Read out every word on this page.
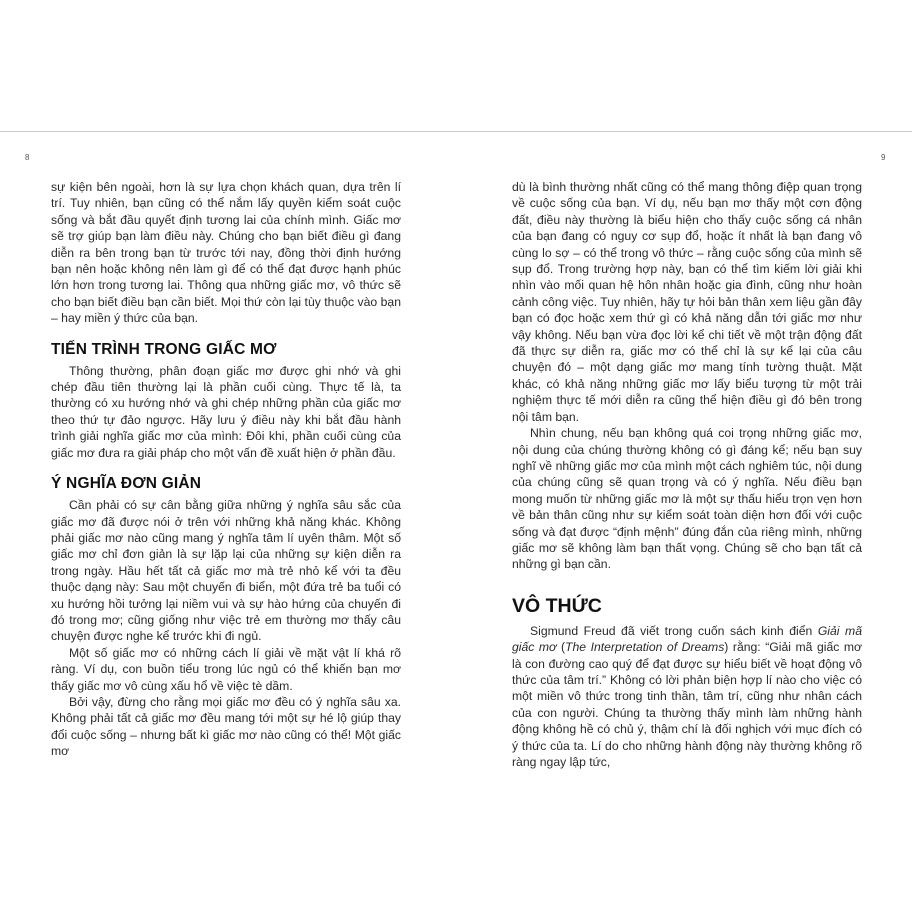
8	9

sự kiện bên ngoài, hơn là sự lựa chọn khách quan, dựa trên lí trí. Tuy nhiên, bạn cũng có thể nắm lấy quyền kiểm soát cuộc sống và bắt đầu quyết định tương lai của chính mình. Giấc mơ sẽ trợ giúp bạn làm điều này. Chúng cho bạn biết điều gì đang diễn ra bên trong bạn từ trước tới nay, đồng thời định hướng bạn nên hoặc không nên làm gì để có thể đạt được hạnh phúc lớn hơn trong tương lai. Thông qua những giấc mơ, vô thức sẽ cho bạn biết điều bạn cần biết. Mọi thứ còn lại tùy thuộc vào bạn – hay miền ý thức của bạn.

TIẾN TRÌNH TRONG GIẤC MƠ

Thông thường, phân đoạn giấc mơ được ghi nhớ và ghi chép đầu tiên thường lại là phần cuối cùng. Thực tế là, ta thường có xu hướng nhớ và ghi chép những phần của giấc mơ theo thứ tự đảo ngược. Hãy lưu ý điều này khi bắt đầu hành trình giải nghĩa giấc mơ của mình: Đôi khi, phần cuối cùng của giấc mơ đưa ra giải pháp cho một vấn đề xuất hiện ở phần đầu.

Ý NGHĨA ĐƠN GIẢN

Cần phải có sự cân bằng giữa những ý nghĩa sâu sắc của giấc mơ đã được nói ở trên với những khả năng khác. Không phải giấc mơ nào cũng mang ý nghĩa tâm lí uyên thâm. Một số giấc mơ chỉ đơn giản là sự lặp lại của những sự kiện diễn ra trong ngày. Hầu hết tất cả giấc mơ mà trẻ nhỏ kể với ta đều thuộc dạng này: Sau một chuyến đi biển, một đứa trẻ ba tuổi có xu hướng hồi tưởng lại niềm vui và sự hào hứng của chuyến đi đó trong mơ; cũng giống như việc trẻ em thường mơ thấy câu chuyện được nghe kể trước khi đi ngủ.

Một số giấc mơ có những cách lí giải về mặt vật lí khá rõ ràng. Ví dụ, con buồn tiểu trong lúc ngủ có thể khiến bạn mơ thấy giấc mơ vô cùng xấu hổ về việc tè dầm.

Bởi vậy, đừng cho rằng mọi giấc mơ đều có ý nghĩa sâu xa. Không phải tất cả giấc mơ đều mang tới một sự hé lộ giúp thay đổi cuộc sống – nhưng bất kì giấc mơ nào cũng có thể! Một giấc mơ

dù là bình thường nhất cũng có thể mang thông điệp quan trọng về cuộc sống của bạn. Ví dụ, nếu bạn mơ thấy một cơn động đất, điều này thường là biểu hiện cho thấy cuộc sống cá nhân của bạn đang có nguy cơ sụp đổ, hoặc ít nhất là bạn đang vô cùng lo sợ – có thể trong vô thức – rằng cuộc sống của mình sẽ sụp đổ. Trong trường hợp này, bạn có thể tìm kiếm lời giải khi nhìn vào mối quan hệ hôn nhân hoặc gia đình, cũng như hoàn cảnh công việc. Tuy nhiên, hãy tự hỏi bản thân xem liệu gần đây bạn có đọc hoặc xem thứ gì có khả năng dẫn tới giấc mơ như vậy không. Nếu bạn vừa đọc lời kể chi tiết về một trận động đất đã thực sự diễn ra, giấc mơ có thể chỉ là sự kể lại của câu chuyện đó – một dạng giấc mơ mang tính tường thuật. Mặt khác, có khả năng những giấc mơ lấy biểu tượng từ một trải nghiệm thực tế mới diễn ra cũng thể hiện điều gì đó bên trong nội tâm bạn.

Nhìn chung, nếu bạn không quá coi trọng những giấc mơ, nội dung của chúng thường không có gì đáng kể; nếu bạn suy nghĩ về những giấc mơ của mình một cách nghiêm túc, nội dung của chúng cũng sẽ quan trọng và có ý nghĩa. Nếu điều bạn mong muốn từ những giấc mơ là một sự thấu hiểu trọn vẹn hơn về bản thân cũng như sự kiểm soát toàn diện hơn đối với cuộc sống và đạt được “định mệnh” đúng đắn của riêng mình, những giấc mơ sẽ không làm bạn thất vọng. Chúng sẽ cho bạn tất cả những gì bạn cần.

VÔ THỨC

Sigmund Freud đã viết trong cuốn sách kinh điển Giải mã giấc mơ (The Interpretation of Dreams) rằng: “Giải mã giấc mơ là con đường cao quý để đạt được sự hiểu biết về hoạt động vô thức của tâm trí.” Không có lời phản biện hợp lí nào cho việc có một miền vô thức trong tinh thần, tâm trí, cũng như nhân cách của con người. Chúng ta thường thấy mình làm những hành động không hề có chủ ý, thậm chí là đối nghịch với mục đích có ý thức của ta. Lí do cho những hành động này thường không rõ ràng ngay lập tức,
